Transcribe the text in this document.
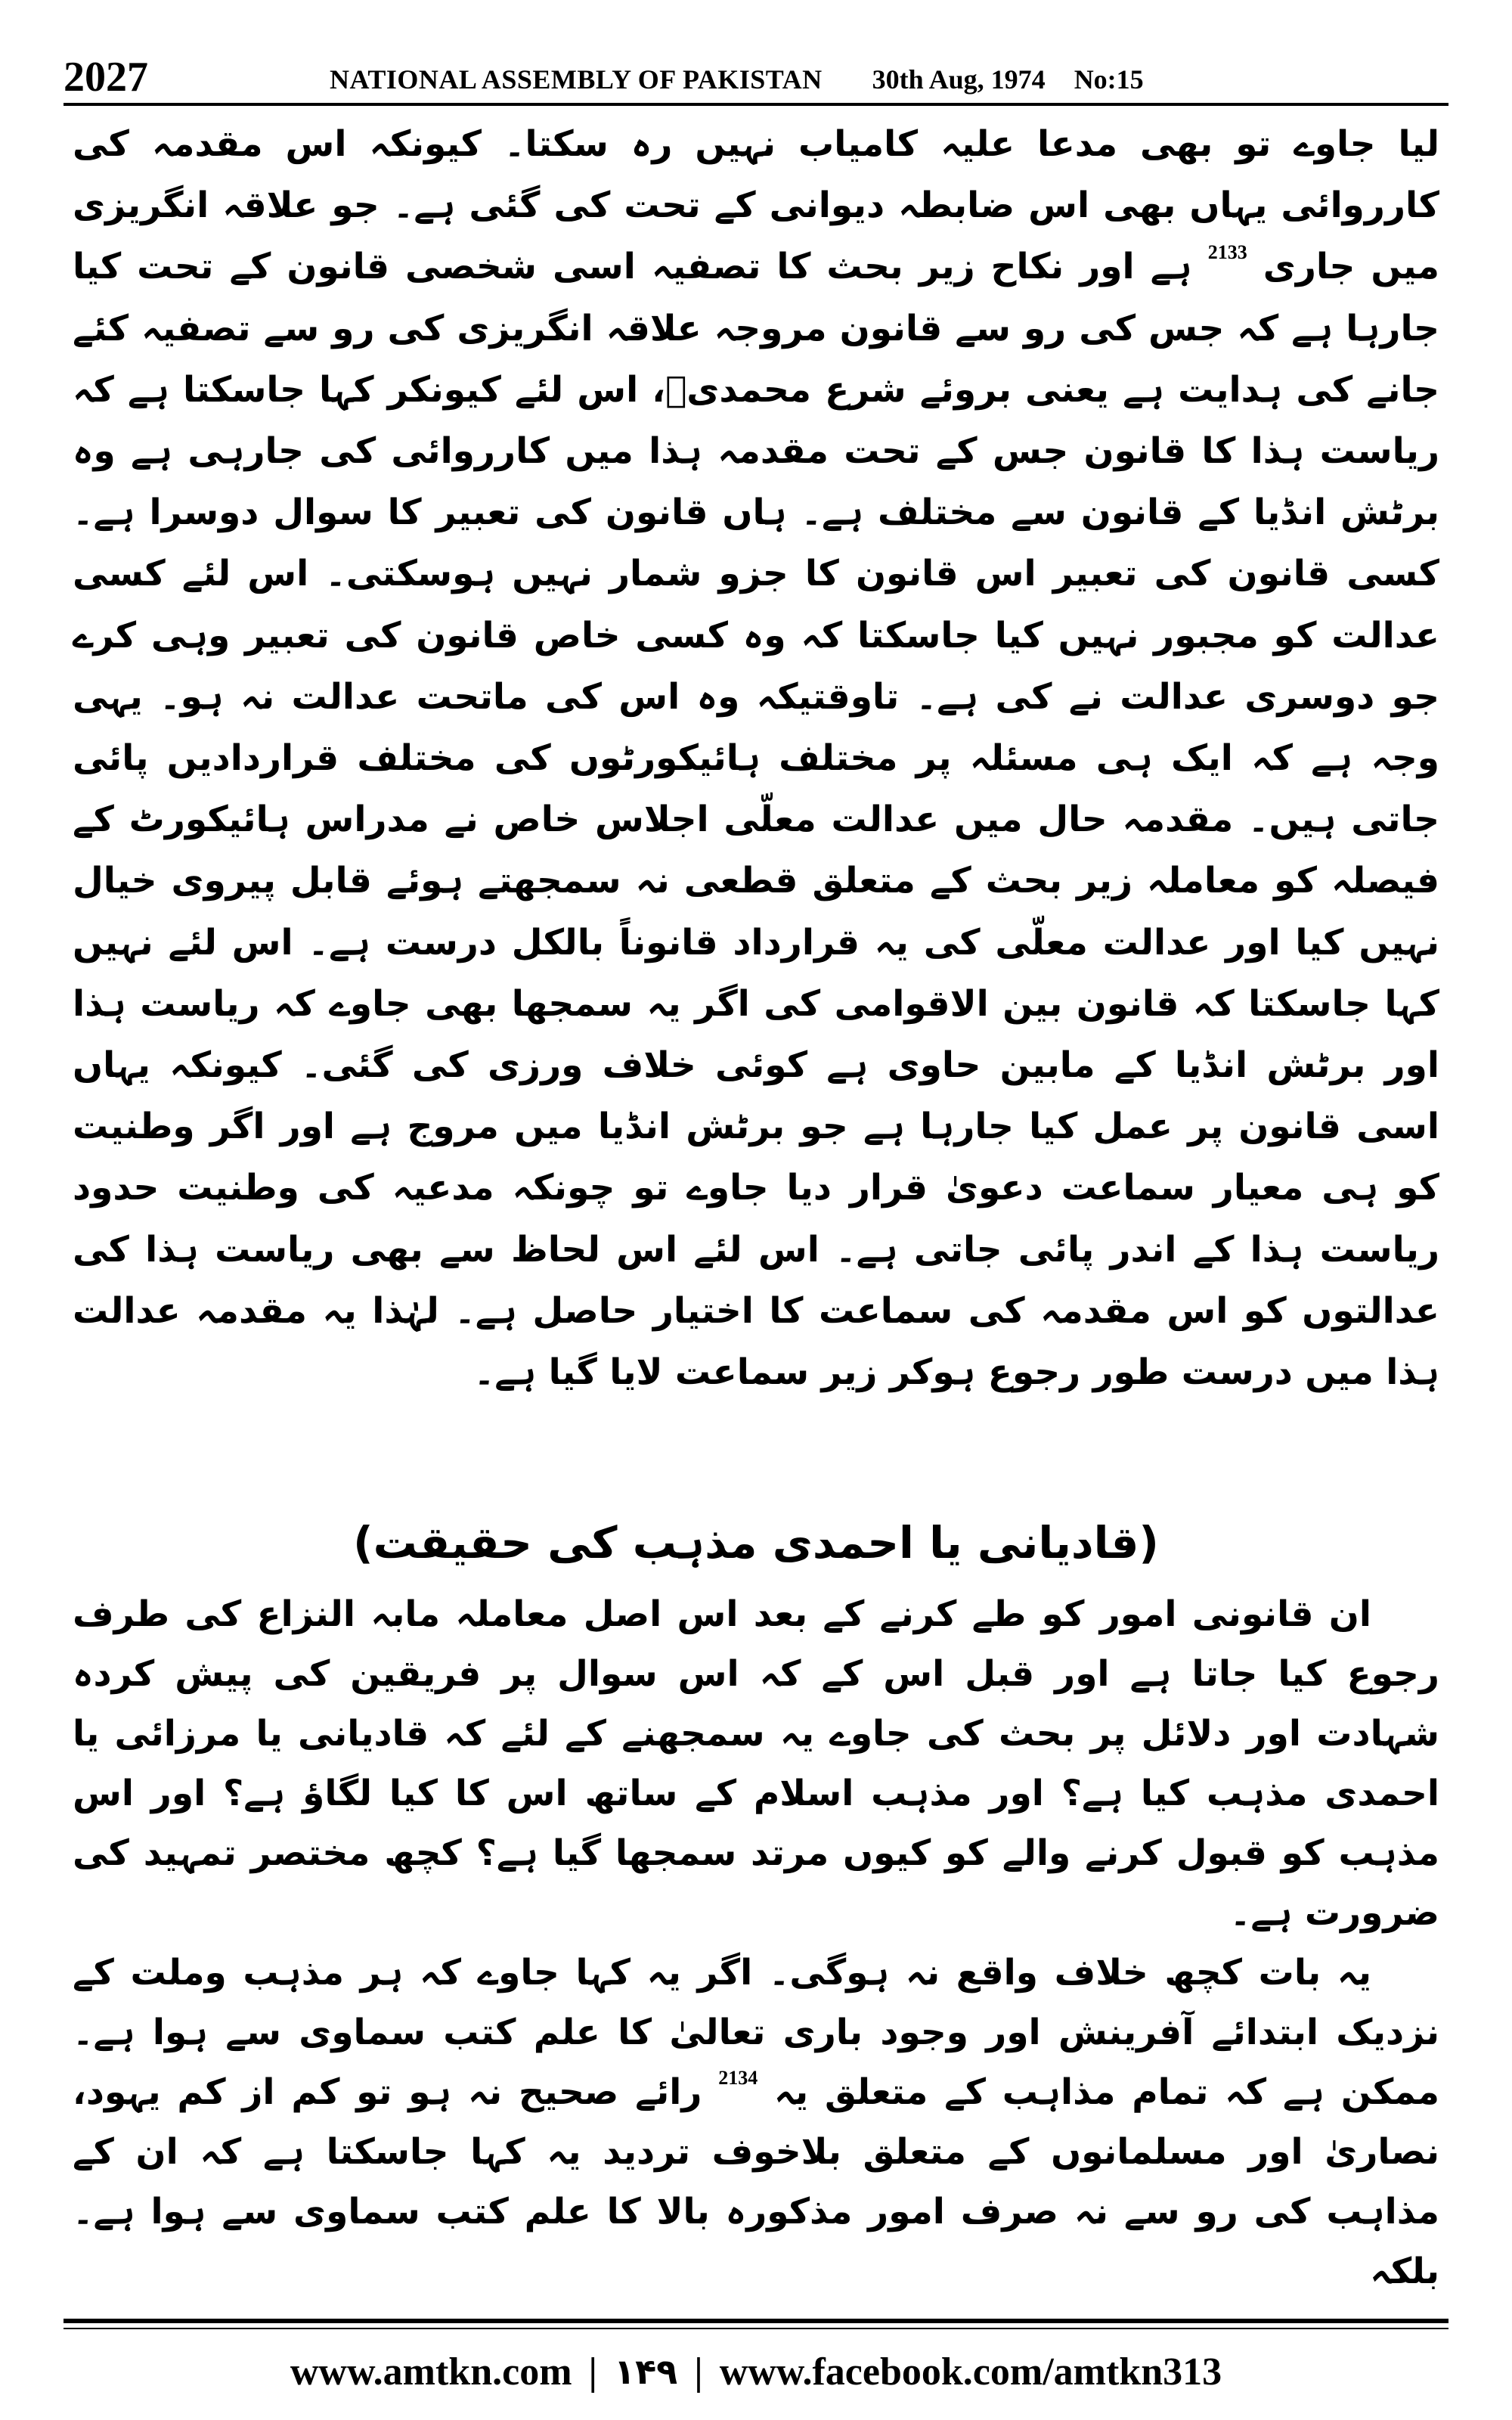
2027	NATIONAL ASSEMBLY OF PAKISTAN 30th Aug, 1974 No:15

لیا جاوے تو بھی مدعا علیہ کامیاب نہیں رہ سکتا۔ کیونکہ اس مقدمہ کی کارروائی یہاں بھی اس ضابطہ دیوانی کے تحت کی گئی ہے۔ جو علاقہ انگریزی میں جاری $^{2133}$ ہے اور نکاح زیر بحث کا تصفیہ اسی شخصی قانون کے تحت کیا جارہا ہے کہ جس کی رو سے قانون مروجہ علاقہ انگریزی کی رو سے تصفیہ کئے جانے کی ہدایت ہے یعنی بروئے شرع محمدیؐ، اس لئے کیونکر کہا جاسکتا ہے کہ ریاست ہذا کا قانون جس کے تحت مقدمہ ہذا میں کارروائی کی جارہی ہے وہ برٹش انڈیا کے قانون سے مختلف ہے۔ ہاں قانون کی تعبیر کا سوال دوسرا ہے۔ کسی قانون کی تعبیر اس قانون کا جزو شمار نہیں ہوسکتی۔ اس لئے کسی عدالت کو مجبور نہیں کیا جاسکتا کہ وہ کسی خاص قانون کی تعبیر وہی کرے جو دوسری عدالت نے کی ہے۔ تاوقتیکہ وہ اس کی ماتحت عدالت نہ ہو۔ یہی وجہ ہے کہ ایک ہی مسئلہ پر مختلف ہائیکورٹوں کی مختلف قراردادیں پائی جاتی ہیں۔ مقدمہ حال میں عدالت معلّی اجلاس خاص نے مدراس ہائیکورٹ کے فیصلہ کو معاملہ زیر بحث کے متعلق قطعی نہ سمجھتے ہوئے قابل پیروی خیال نہیں کیا اور عدالت معلّی کی یہ قرارداد قانوناً بالکل درست ہے۔ اس لئے نہیں کہا جاسکتا کہ قانون بین الاقوامی کی اگر یہ سمجھا بھی جاوے کہ ریاست ہذا اور برٹش انڈیا کے مابین حاوی ہے کوئی خلاف ورزی کی گئی۔ کیونکہ یہاں اسی قانون پر عمل کیا جارہا ہے جو برٹش انڈیا میں مروج ہے اور اگر وطنیت کو ہی معیار سماعت دعویٰ قرار دیا جاوے تو چونکہ مدعیہ کی وطنیت حدود ریاست ہذا کے اندر پائی جاتی ہے۔ اس لئے اس لحاظ سے بھی ریاست ہذا کی عدالتوں کو اس مقدمہ کی سماعت کا اختیار حاصل ہے۔ لہٰذا یہ مقدمہ عدالت ہذا میں درست طور رجوع ہوکر زیر سماعت لایا گیا ہے۔

(قادیانی یا احمدی مذہب کی حقیقت)

ان قانونی امور کو طے کرنے کے بعد اس اصل معاملہ مابہ النزاع کی طرف رجوع کیا جاتا ہے اور قبل اس کے کہ اس سوال پر فریقین کی پیش کردہ شہادت اور دلائل پر بحث کی جاوے یہ سمجھنے کے لئے کہ قادیانی یا مرزائی یا احمدی مذہب کیا ہے؟ اور مذہب اسلام کے ساتھ اس کا کیا لگاؤ ہے؟ اور اس مذہب کو قبول کرنے والے کو کیوں مرتد سمجھا گیا ہے؟ کچھ مختصر تمہید کی ضرورت ہے۔

یہ بات کچھ خلاف واقع نہ ہوگی۔ اگر یہ کہا جاوے کہ ہر مذہب وملت کے نزدیک ابتدائے آفرینش اور وجود باری تعالیٰ کا علم کتب سماوی سے ہوا ہے۔ ممکن ہے کہ تمام مذاہب کے متعلق یہ $^{2134}$ رائے صحیح نہ ہو تو کم از کم یہود، نصاریٰ اور مسلمانوں کے متعلق بلاخوف تردید یہ کہا جاسکتا ہے کہ ان کے مذاہب کی رو سے نہ صرف امور مذکورہ بالا کا علم کتب سماوی سے ہوا ہے۔ بلکہ

www.amtkn.com | ١۴٩ | www.facebook.com/amtkn313
